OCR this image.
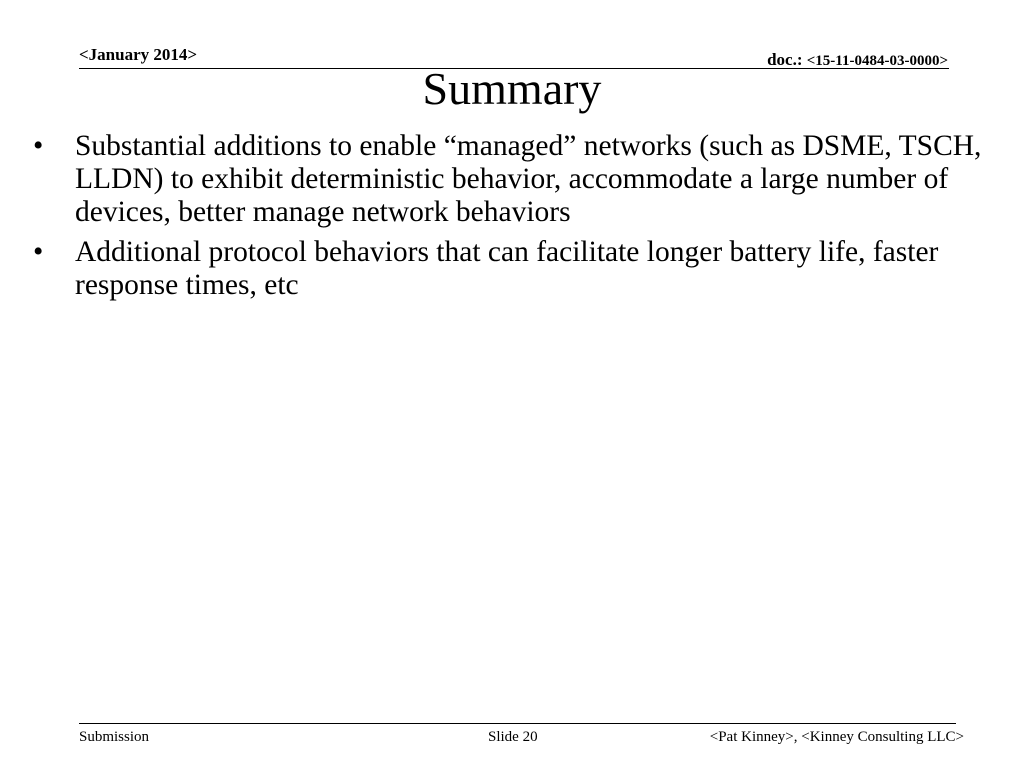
<January 2014>	doc.: <15-11-0484-03-0000>
Summary
•	Substantial additions to enable “managed” networks (such as DSME, TSCH, LLDN) to exhibit deterministic behavior, accommodate a large number of devices, better manage network behaviors
•	Additional protocol behaviors that can facilitate longer battery life, faster response times, etc
Submission	Slide 20	<Pat Kinney>, <Kinney Consulting LLC>
